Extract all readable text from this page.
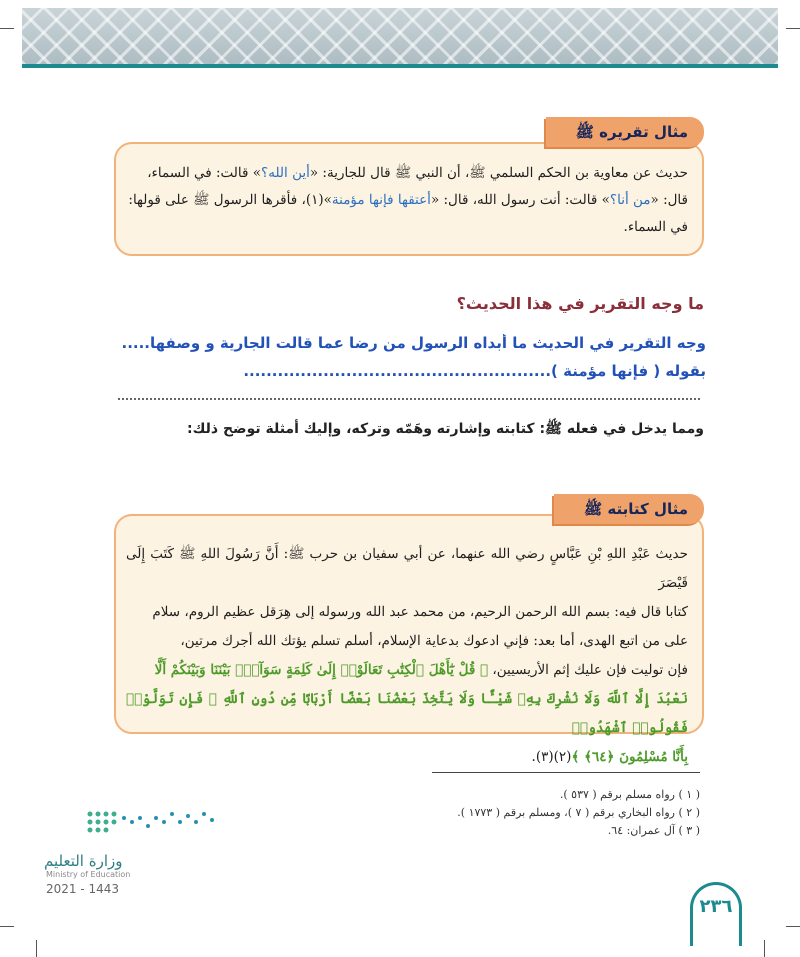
حديث عن معاوية بن الحكم السلمي ﷺ، أن النبي ﷺ قال للجارية: «أين الله؟» قالت: في السماء،
قال: «من أنا؟» قالت: أنت رسول الله، قال: «أعتقها فإنها مؤمنة»(١)، فأقرها الرسول ﷺ على قولها:
في السماء.
مثال تقريره ﷺ
ما وجه التقرير في هذا الحديث؟
وجه التقرير في الحديث ما أبداه الرسول من رضا عما قالت الجارية و وصفها.....
بقوله ( فإنها مؤمنة )......................................................
ومما يدخل في فعله ﷺ: كتابته وإشارته وهَمّه وتركه، وإليك أمثلة توضح ذلك:
حديث عَبْدِ اللهِ بْنِ عَبَّاسٍ رضي الله عنهما، عن أبي سفيان بن حرب ﷺ: أَنَّ رَسُولَ اللهِ ﷺ كَتَبَ إِلَى قَيْصَرَ
كتابا قال فيه: بسم الله الرحمن الرحيم، من محمد عبد الله ورسوله إلى هِرَقل عظيم الروم، سلام
على من اتبع الهدى، أما بعد: فإني ادعوك بدعاية الإسلام، أسلم تسلم يؤتك الله أجرك مرتين،
فإن توليت فإن عليك إثم الأريسيين، ﴿ قُلْ يَٰٓأَهْلَ ٱلْكِتَٰبِ تَعَالَوْا۟ إِلَىٰ كَلِمَةٍ سَوَآءٍۭ بَيْنَنَا وَبَيْنَكُمْ أَلَّا
نَعْبُدَ إِلَّا ٱللَّهَ وَلَا نُشْرِكَ بِهِۦ شَيْـًٔا وَلَا يَتَّخِذَ بَعْضُنَا بَعْضًا أَرْبَابًا مِّن دُونِ ٱللَّهِ ۚ فَإِن تَوَلَّوْا۟ فَقُولُوا۟ ٱشْهَدُوا۟
بِأَنَّا مُسْلِمُونَ ﴿٦٤﴾ ﴾(٢)(٣).
مثال كتابته ﷺ
( ١ ) رواه مسلم برقم ( ٥٣٧ ).
( ٢ ) رواه البخاري برقم ( ٧ )، ومسلم برقم ( ١٧٧٣ ).
( ٣ ) آل عمران: ٦٤.
وزارة التعليم
Ministry of Education
2021 - 1443
٢٣٦
